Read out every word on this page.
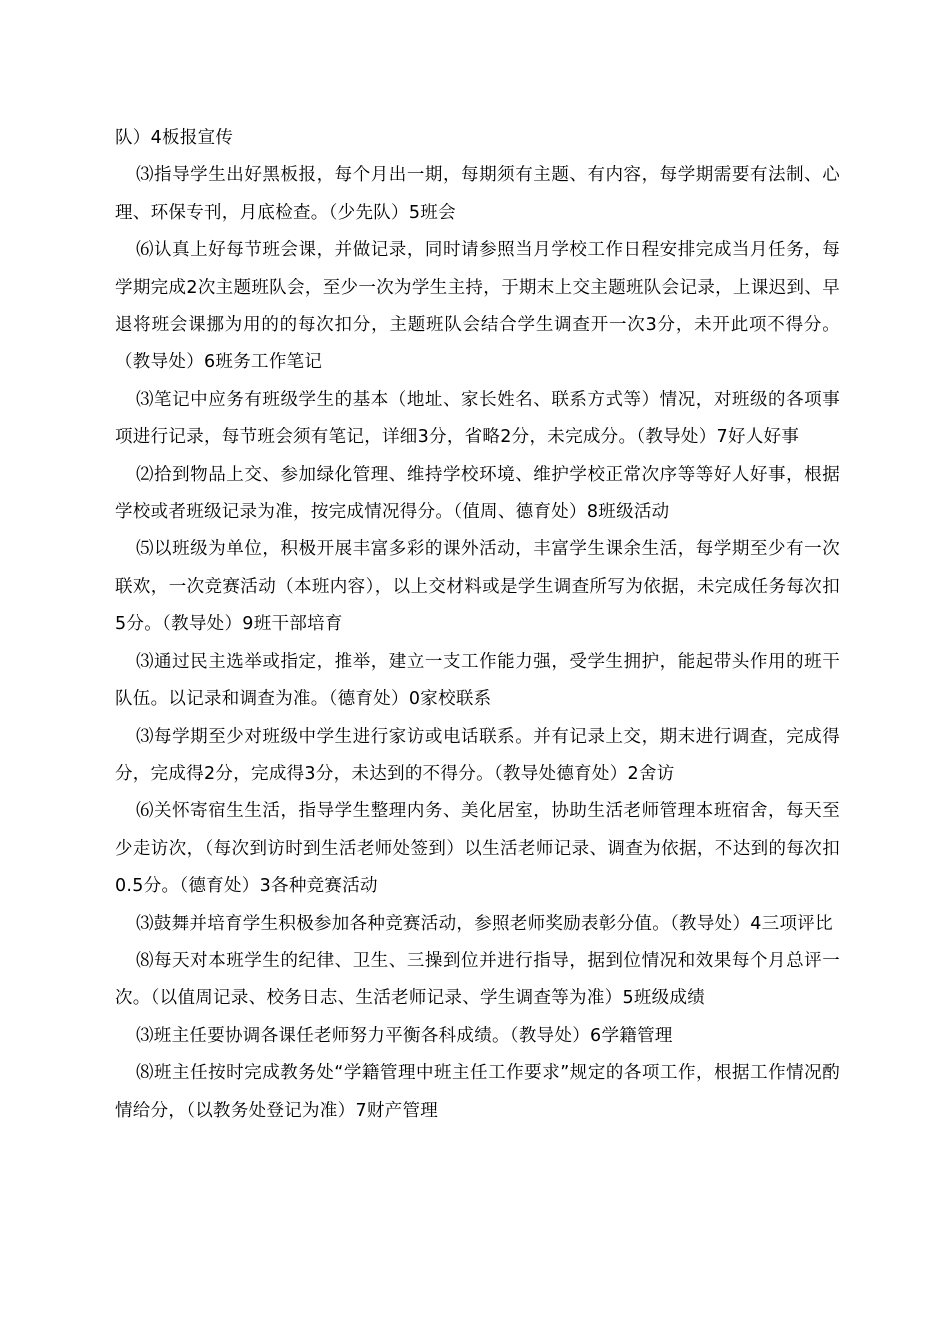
队）4板报宣传

⑶指导学生出好黑板报，每个月出一期，每期须有主题、有内容，每学期需要有法制、心理、环保专刊，月底检查。（少先队）5班会

⑹认真上好每节班会课，并做记录，同时请参照当月学校工作日程安排完成当月任务，每学期完成2次主题班队会，至少一次为学生主持，于期末上交主题班队会记录，上课迟到、早退将班会课挪为用的的每次扣分，主题班队会结合学生调查开一次3分，未开此项不得分。（教导处）6班务工作笔记

⑶笔记中应务有班级学生的基本（地址、家长姓名、联系方式等）情况，对班级的各项事项进行记录，每节班会须有笔记，详细3分，省略2分，未完成分。（教导处）7好人好事

⑵拾到物品上交、参加绿化管理、维持学校环境、维护学校正常次序等等好人好事，根据学校或者班级记录为准，按完成情况得分。（值周、德育处）8班级活动

⑸以班级为单位，积极开展丰富多彩的课外活动，丰富学生课余生活，每学期至少有一次联欢，一次竞赛活动（本班内容），以上交材料或是学生调查所写为依据，未完成任务每次扣5分。（教导处）9班干部培育

⑶通过民主选举或指定，推举，建立一支工作能力强，受学生拥护，能起带头作用的班干队伍。以记录和调查为准。（德育处）0家校联系

⑶每学期至少对班级中学生进行家访或电话联系。并有记录上交，期末进行调查，完成得分，完成得2分，完成得3分，未达到的不得分。（教导处德育处）2舍访

⑹关怀寄宿生生活，指导学生整理内务、美化居室，协助生活老师管理本班宿舍，每天至少走访次，（每次到访时到生活老师处签到）以生活老师记录、调查为依据，不达到的每次扣0.5分。（德育处）3各种竞赛活动

⑶鼓舞并培育学生积极参加各种竞赛活动，参照老师奖励表彰分值。（教导处）4三项评比

⑻每天对本班学生的纪律、卫生、三操到位并进行指导，据到位情况和效果每个月总评一次。（以值周记录、校务日志、生活老师记录、学生调查等为准）5班级成绩

⑶班主任要协调各课任老师努力平衡各科成绩。（教导处）6学籍管理

⑻班主任按时完成教务处“学籍管理中班主任工作要求”规定的各项工作，根据工作情况酌情给分，（以教务处登记为准）7财产管理
